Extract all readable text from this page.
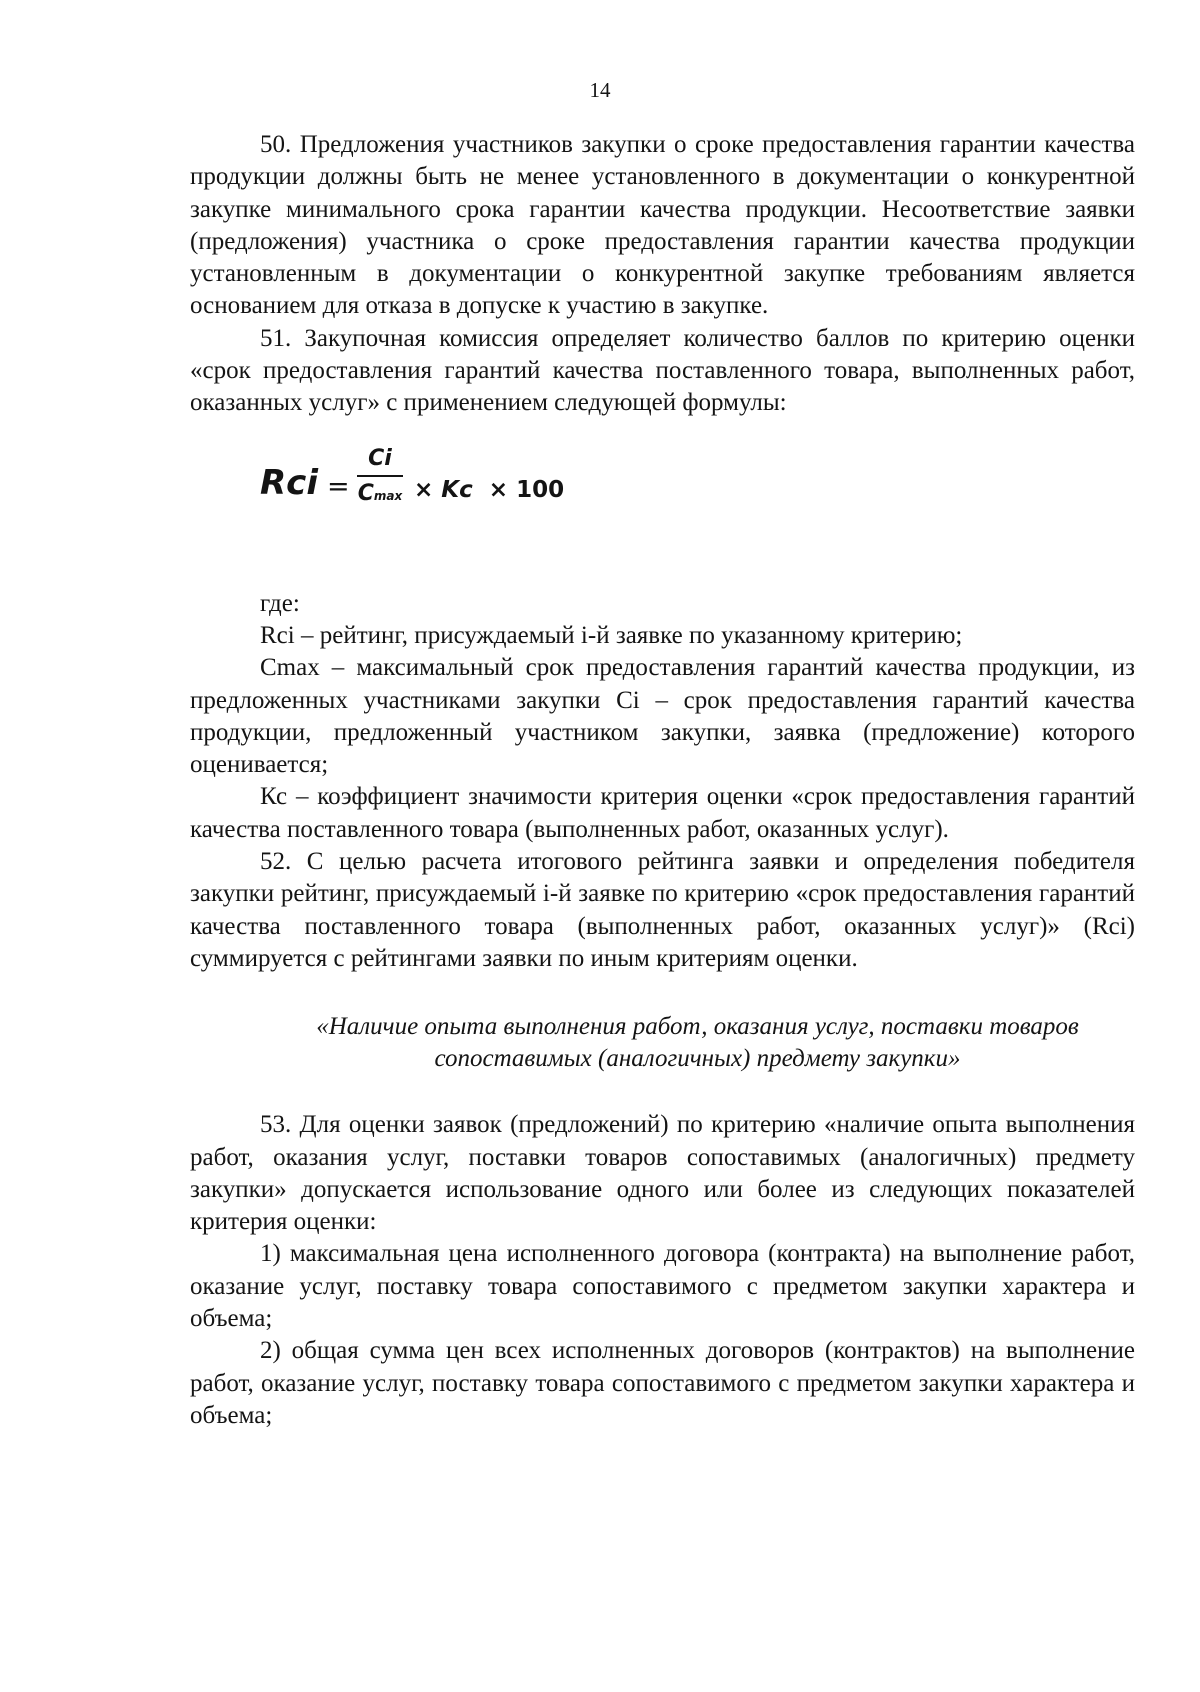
14

50. Предложения участников закупки о сроке предоставления гарантии качества продукции должны быть не менее установленного в документации о конкурентной закупке минимального срока гарантии качества продукции. Несоответствие заявки (предложения) участника о сроке предоставления гарантии качества продукции установленным в документации о конкурентной закупке требованиям является основанием для отказа в допуске к участию в закупке.

51. Закупочная комиссия определяет количество баллов по критерию оценки «срок предоставления гарантий качества поставленного товара, выполненных работ, оказанных услуг» с применением следующей формулы:

Rci =
Ci
Cmax × Kc × 100

где:

Rci – рейтинг, присуждаемый i-й заявке по указанному критерию;

Cmax – максимальный срок предоставления гарантий качества продукции, из предложенных участниками закупки Ci – срок предоставления гарантий качества продукции, предложенный участником закупки, заявка (предложение) которого оценивается;

Кс – коэффициент значимости критерия оценки «срок предоставления гарантий качества поставленного товара (выполненных работ, оказанных услуг).

52. С целью расчета итогового рейтинга заявки и определения победителя закупки рейтинг, присуждаемый i-й заявке по критерию «срок предоставления гарантий качества поставленного товара (выполненных работ, оказанных услуг)» (Rci) суммируется с рейтингами заявки по иным критериям оценки.

«Наличие опыта выполнения работ, оказания услуг, поставки товаров
сопоставимых (аналогичных) предмету закупки»

53. Для оценки заявок (предложений) по критерию «наличие опыта выполнения работ, оказания услуг, поставки товаров сопоставимых (аналогичных) предмету закупки» допускается использование одного или более из следующих показателей критерия оценки:

1) максимальная цена исполненного договора (контракта) на выполнение работ, оказание услуг, поставку товара сопоставимого с предметом закупки характера и объема;

2) общая сумма цен всех исполненных договоров (контрактов) на выполнение работ, оказание услуг, поставку товара сопоставимого с предметом закупки характера и объема;
